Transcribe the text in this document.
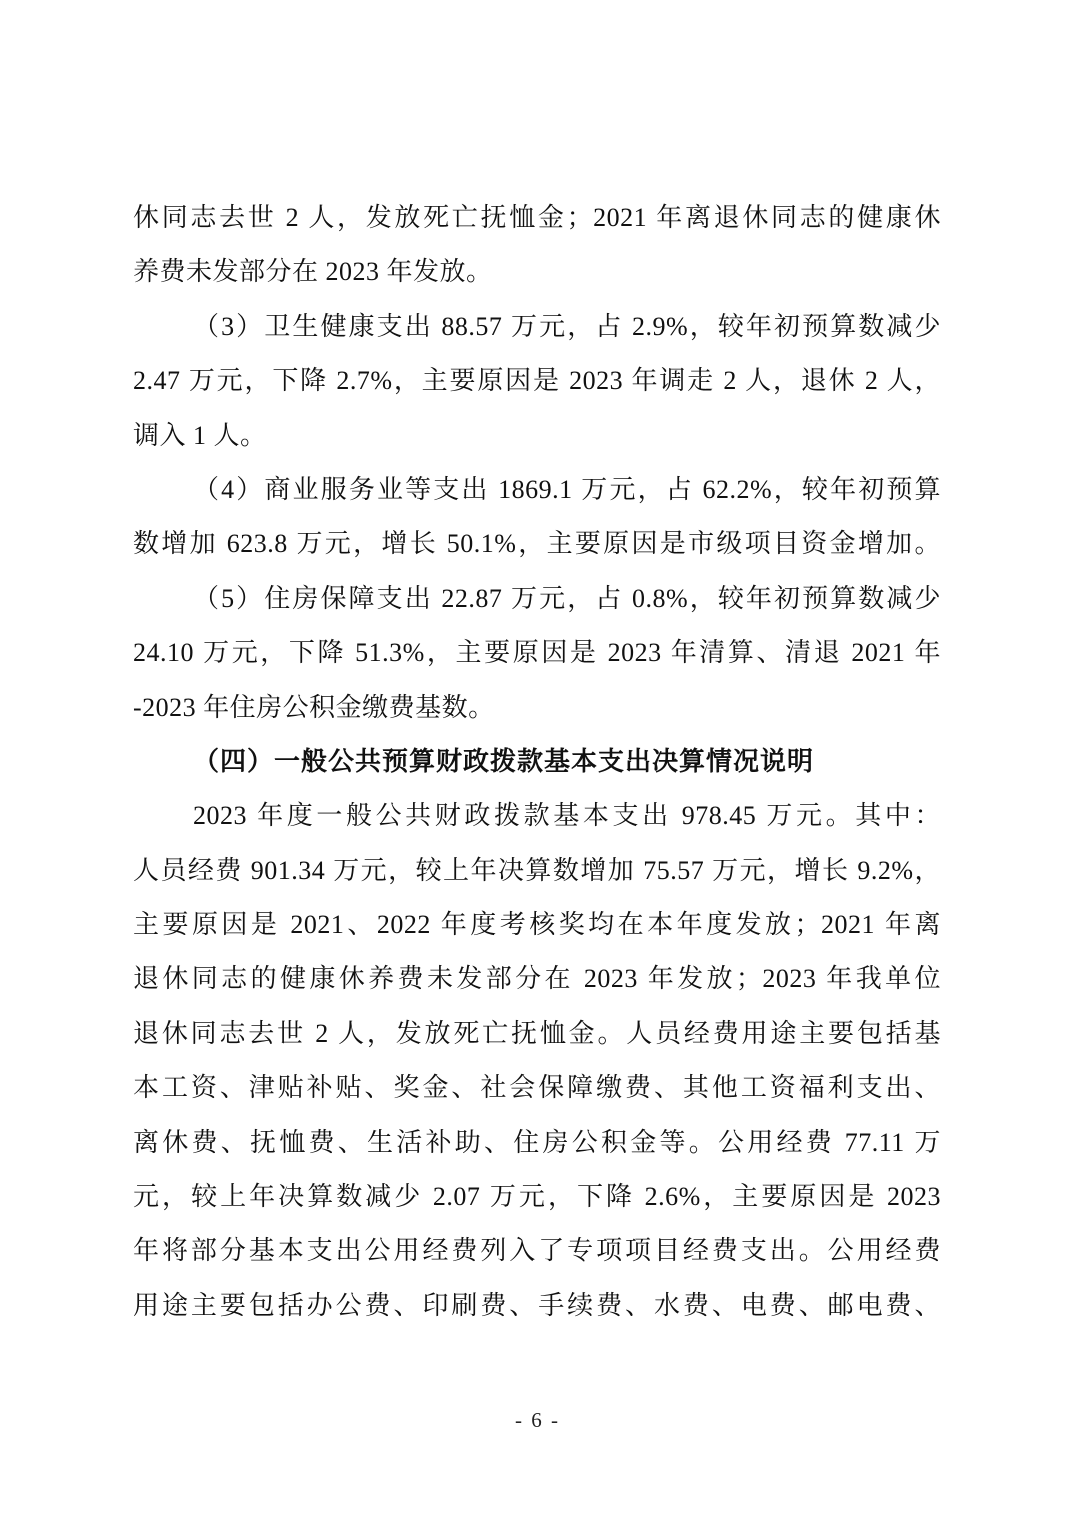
休同志去世 2 人，发放死亡抚恤金；2021 年离退休同志的健康休

养费未发部分在 2023 年发放。

（3）卫生健康支出 88.57 万元，占 2.9%，较年初预算数减少

2.47 万元，下降 2.7%，主要原因是 2023 年调走 2 人，退休 2 人，

调入 1 人。

（4）商业服务业等支出 1869.1 万元，占 62.2%，较年初预算

数增加 623.8 万元，增长 50.1%，主要原因是市级项目资金增加。

（5）住房保障支出 22.87 万元，占 0.8%，较年初预算数减少

24.10 万元，下降 51.3%，主要原因是 2023 年清算、清退 2021 年

-2023 年住房公积金缴费基数。

（四）一般公共预算财政拨款基本支出决算情况说明

2023 年度一般公共财政拨款基本支出 978.45 万元。其中：

人员经费 901.34 万元，较上年决算数增加 75.57 万元，增长 9.2%，

主要原因是 2021、2022 年度考核奖均在本年度发放；2021 年离

退休同志的健康休养费未发部分在 2023 年发放；2023 年我单位

退休同志去世 2 人，发放死亡抚恤金。人员经费用途主要包括基

本工资、津贴补贴、奖金、社会保障缴费、其他工资福利支出、

离休费、抚恤费、生活补助、住房公积金等。公用经费 77.11 万

元，较上年决算数减少 2.07 万元，下降 2.6%，主要原因是 2023

年将部分基本支出公用经费列入了专项项目经费支出。公用经费

用途主要包括办公费、印刷费、手续费、水费、电费、邮电费、

- 6 -
